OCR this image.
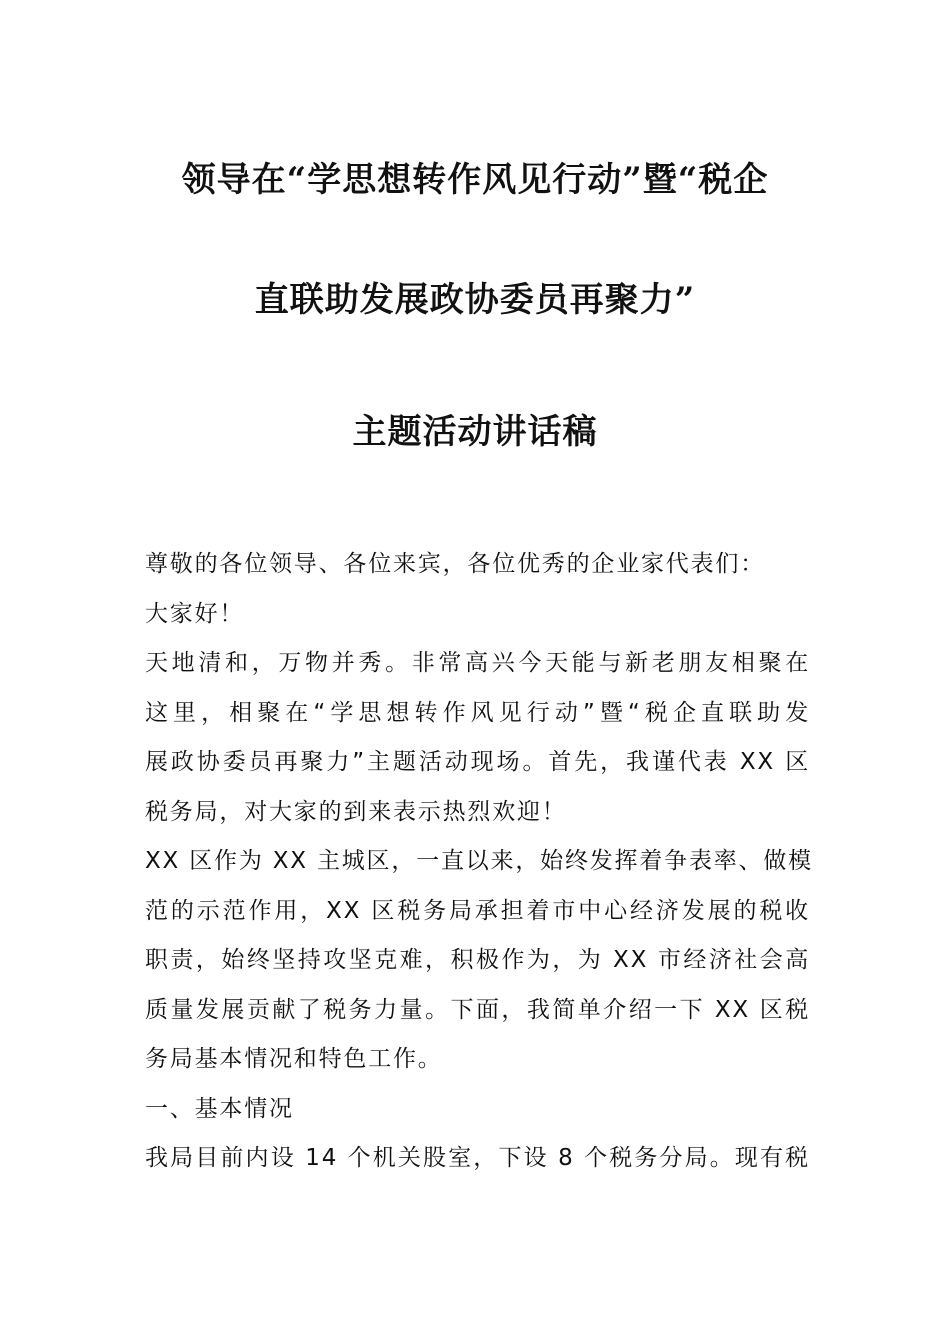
领导在“学思想转作风见行动”暨“税企
直联助发展政协委员再聚力”
主题活动讲话稿
尊敬的各位领导、各位来宾，各位优秀的企业家代表们：
大家好！
天地清和，万物并秀。非常高兴今天能与新老朋友相聚在
这里，相聚在“学思想转作风见行动”暨“税企直联助发
展政协委员再聚力”主题活动现场。首先，我谨代表 XX 区
税务局，对大家的到来表示热烈欢迎！
XX 区作为 XX 主城区，一直以来，始终发挥着争表率、做模
范的示范作用，XX 区税务局承担着市中心经济发展的税收
职责，始终坚持攻坚克难，积极作为，为 XX 市经济社会高
质量发展贡献了税务力量。下面，我简单介绍一下 XX 区税
务局基本情况和特色工作。
一、基本情况
我局目前内设 14 个机关股室，下设 8 个税务分局。现有税
